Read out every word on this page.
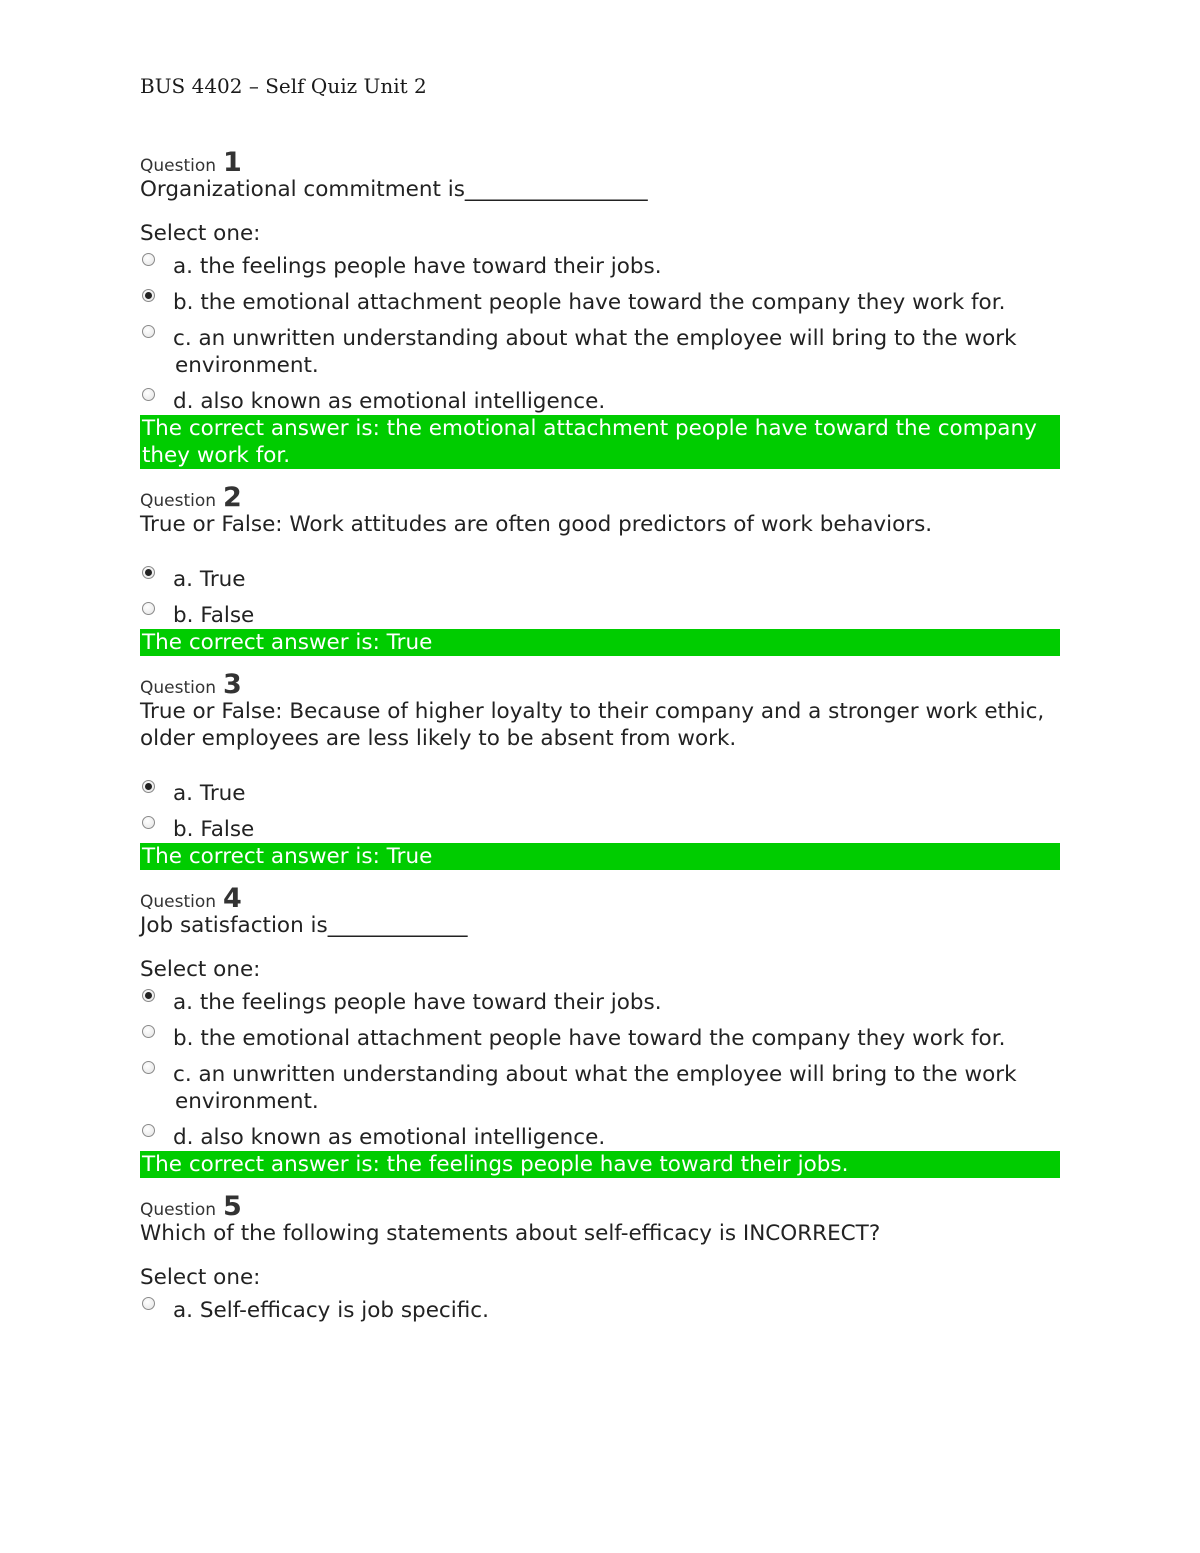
BUS 4402 – Self Quiz Unit 2
Question 1

Organizational commitment is_________________

Select one:
a. the feelings people have toward their jobs.
b. the emotional attachment people have toward the company they work for.
c. an unwritten understanding about what the employee will bring to the work environment.
d. also known as emotional intelligence.
The correct answer is: the emotional attachment people have toward the company they work for.
Question 2

True or False: Work attitudes are often good predictors of work behaviors.

a. True
b. False
The correct answer is: True
Question 3

True or False: Because of higher loyalty to their company and a stronger work ethic, older employees are less likely to be absent from work.

a. True
b. False
The correct answer is: True
Question 4

Job satisfaction is_____________

Select one:
a. the feelings people have toward their jobs.
b. the emotional attachment people have toward the company they work for.
c. an unwritten understanding about what the employee will bring to the work environment.
d. also known as emotional intelligence.
The correct answer is: the feelings people have toward their jobs.
Question 5

Which of the following statements about self-efficacy is INCORRECT?

Select one:
a. Self-efficacy is job specific.
